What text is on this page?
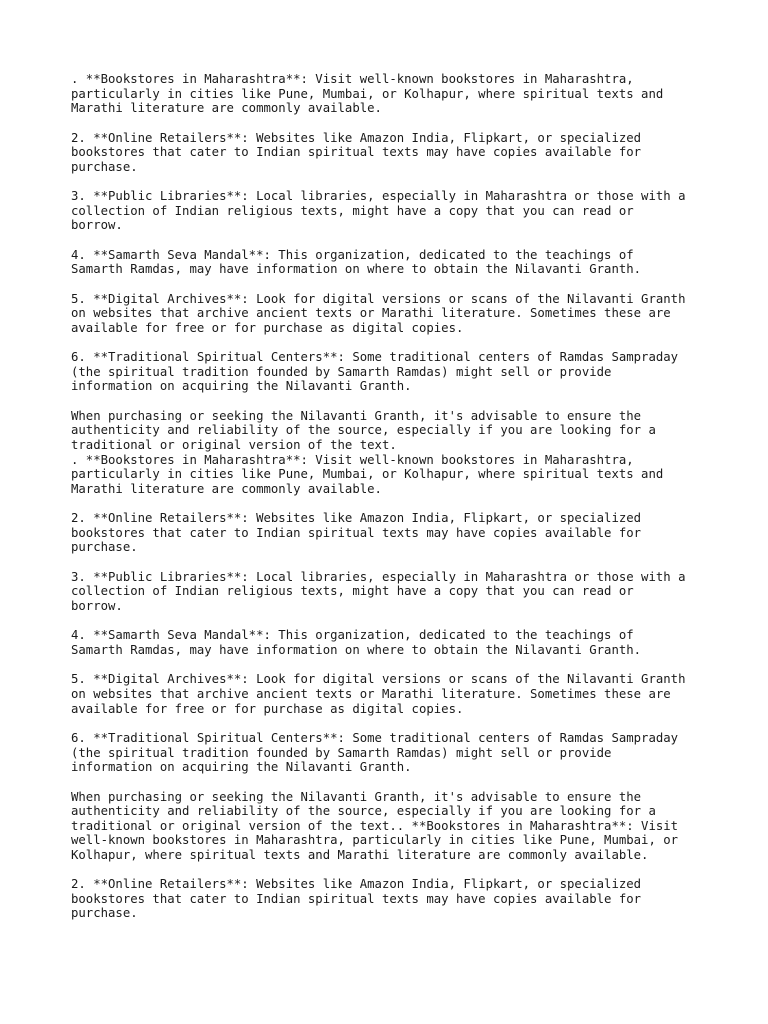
. **Bookstores in Maharashtra**: Visit well-known bookstores in Maharashtra,
particularly in cities like Pune, Mumbai, or Kolhapur, where spiritual texts and
Marathi literature are commonly available.

2. **Online Retailers**: Websites like Amazon India, Flipkart, or specialized
bookstores that cater to Indian spiritual texts may have copies available for
purchase.

3. **Public Libraries**: Local libraries, especially in Maharashtra or those with a
collection of Indian religious texts, might have a copy that you can read or
borrow.

4. **Samarth Seva Mandal**: This organization, dedicated to the teachings of
Samarth Ramdas, may have information on where to obtain the Nilavanti Granth.

5. **Digital Archives**: Look for digital versions or scans of the Nilavanti Granth
on websites that archive ancient texts or Marathi literature. Sometimes these are
available for free or for purchase as digital copies.

6. **Traditional Spiritual Centers**: Some traditional centers of Ramdas Sampraday
(the spiritual tradition founded by Samarth Ramdas) might sell or provide
information on acquiring the Nilavanti Granth.

When purchasing or seeking the Nilavanti Granth, it's advisable to ensure the
authenticity and reliability of the source, especially if you are looking for a
traditional or original version of the text.

. **Bookstores in Maharashtra**: Visit well-known bookstores in Maharashtra,
particularly in cities like Pune, Mumbai, or Kolhapur, where spiritual texts and
Marathi literature are commonly available.

2. **Online Retailers**: Websites like Amazon India, Flipkart, or specialized
bookstores that cater to Indian spiritual texts may have copies available for
purchase.

3. **Public Libraries**: Local libraries, especially in Maharashtra or those with a
collection of Indian religious texts, might have a copy that you can read or
borrow.

4. **Samarth Seva Mandal**: This organization, dedicated to the teachings of
Samarth Ramdas, may have information on where to obtain the Nilavanti Granth.

5. **Digital Archives**: Look for digital versions or scans of the Nilavanti Granth
on websites that archive ancient texts or Marathi literature. Sometimes these are
available for free or for purchase as digital copies.

6. **Traditional Spiritual Centers**: Some traditional centers of Ramdas Sampraday
(the spiritual tradition founded by Samarth Ramdas) might sell or provide
information on acquiring the Nilavanti Granth.

When purchasing or seeking the Nilavanti Granth, it's advisable to ensure the
authenticity and reliability of the source, especially if you are looking for a
traditional or original version of the text.. **Bookstores in Maharashtra**: Visit
well-known bookstores in Maharashtra, particularly in cities like Pune, Mumbai, or
Kolhapur, where spiritual texts and Marathi literature are commonly available.

2. **Online Retailers**: Websites like Amazon India, Flipkart, or specialized
bookstores that cater to Indian spiritual texts may have copies available for
purchase.
